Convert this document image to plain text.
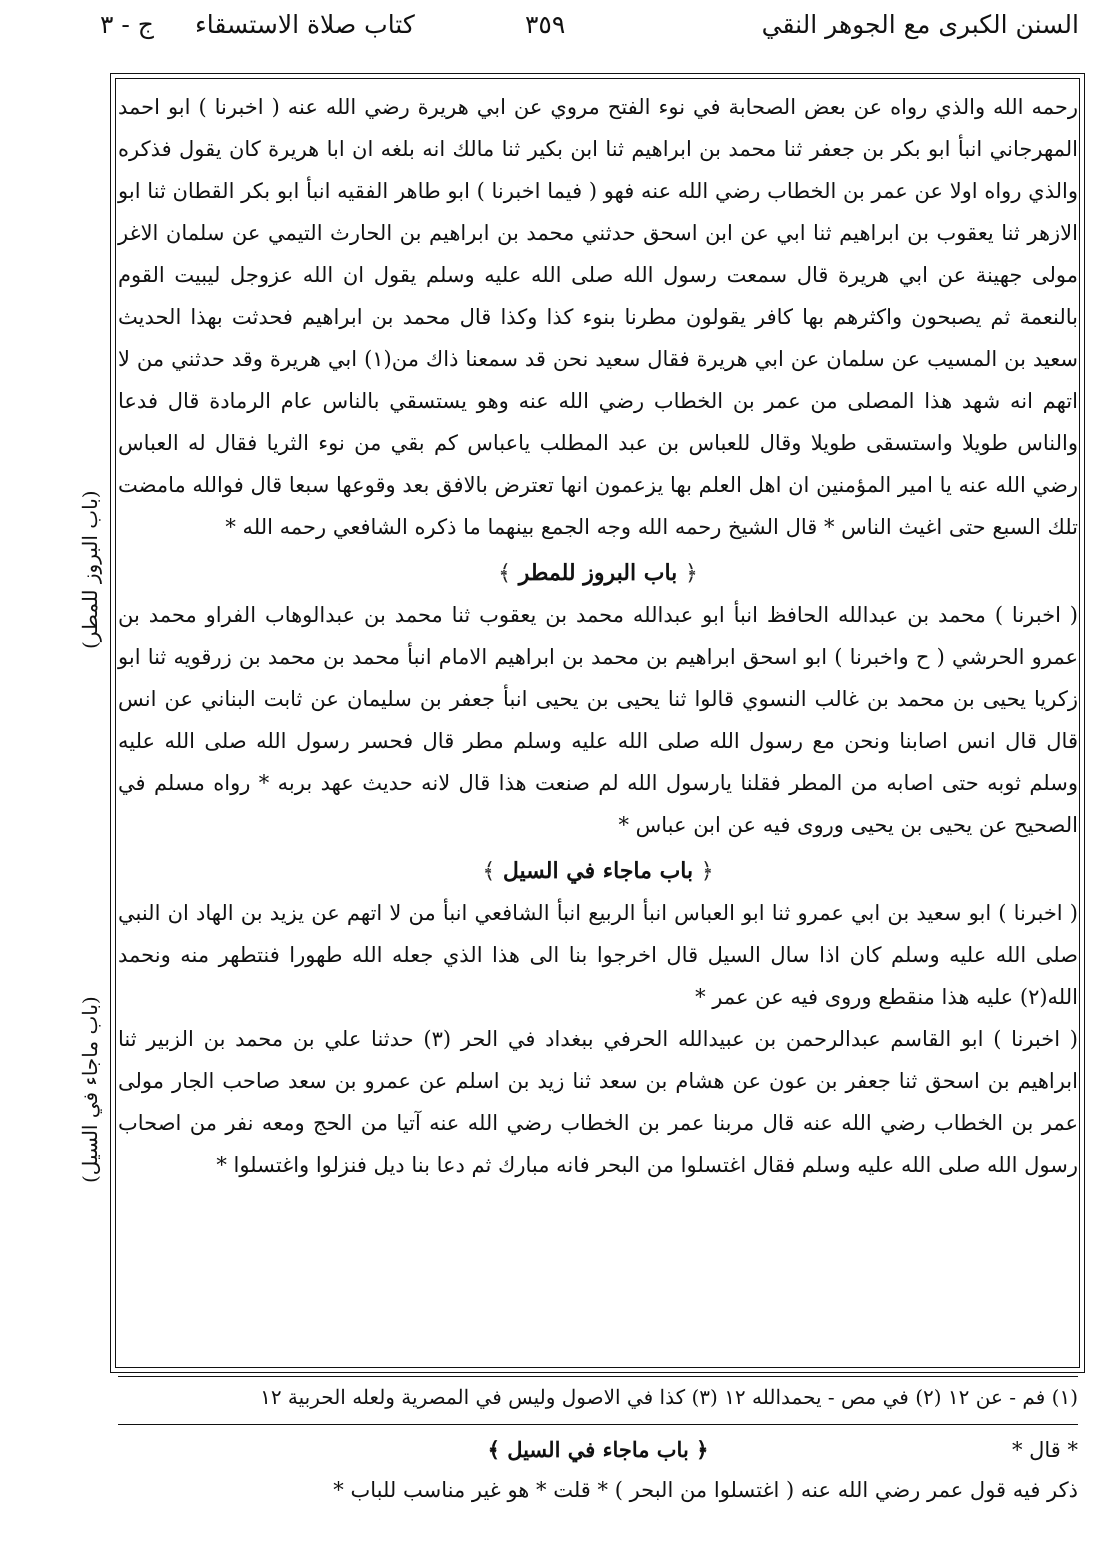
السنن الكبرى مع الجوهر النقي
٣٥٩
كتاب صلاة الاستسقاء
ج - ٣
(باب البروز للمطر)
(باب ماجاء في السيل)

رحمه الله والذي رواه عن بعض الصحابة في نوء الفتح مروي عن ابي هريرة رضي الله عنه ( اخبرنا ) ابو احمد المهرجاني انبأ ابو بكر بن جعفر ثنا محمد بن ابراهيم ثنا ابن بكير ثنا مالك انه بلغه ان ابا هريرة كان يقول فذكره والذي رواه اولا عن عمر بن الخطاب رضي الله عنه فهو ( فيما اخبرنا ) ابو طاهر الفقيه انبأ ابو بكر القطان ثنا ابو الازهر ثنا يعقوب بن ابراهيم ثنا ابي عن ابن اسحق حدثني محمد بن ابراهيم بن الحارث التيمي عن سلمان الاغر مولى جهينة عن ابي هريرة قال سمعت رسول الله صلى الله عليه وسلم يقول ان الله عزوجل ليبيت القوم بالنعمة ثم يصبحون واكثرهم بها كافر يقولون مطرنا بنوء كذا وكذا قال محمد بن ابراهيم فحدثت بهذا الحديث سعيد بن المسيب عن سلمان عن ابي هريرة فقال سعيد نحن قد سمعنا ذاك من(١) ابي هريرة وقد حدثني من لا اتهم انه شهد هذا المصلى من عمر بن الخطاب رضي الله عنه وهو يستسقي بالناس عام الرمادة قال فدعا والناس طويلا واستسقى طويلا وقال للعباس بن عبد المطلب ياعباس كم بقي من نوء الثريا فقال له العباس رضي الله عنه يا امير المؤمنين ان اهل العلم بها يزعمون انها تعترض بالافق بعد وقوعها سبعا قال فوالله مامضت تلك السبع حتى اغيث الناس * قال الشيخ رحمه الله وجه الجمع بينهما ما ذكره الشافعي رحمه الله *

﴿ باب البروز للمطر ﴾

( اخبرنا ) محمد بن عبدالله الحافظ انبأ ابو عبدالله محمد بن يعقوب ثنا محمد بن عبدالوهاب الفراو محمد بن عمرو الحرشي ( ح واخبرنا ) ابو اسحق ابراهيم بن محمد بن ابراهيم الامام انبأ محمد بن محمد بن زرقويه ثنا ابو زكريا يحيى بن محمد بن غالب النسوي قالوا ثنا يحيى بن يحيى انبأ جعفر بن سليمان عن ثابت البناني عن انس قال قال انس اصابنا ونحن مع رسول الله صلى الله عليه وسلم مطر قال فحسر رسول الله صلى الله عليه وسلم ثوبه حتى اصابه من المطر فقلنا يارسول الله لم صنعت هذا قال لانه حديث عهد بربه * رواه مسلم في الصحيح عن يحيى بن يحيى وروى فيه عن ابن عباس *

﴿ باب ماجاء في السيل ﴾

( اخبرنا ) ابو سعيد بن ابي عمرو ثنا ابو العباس انبأ الربيع انبأ الشافعي انبأ من لا اتهم عن يزيد بن الهاد ان النبي صلى الله عليه وسلم كان اذا سال السيل قال اخرجوا بنا الى هذا الذي جعله الله طهورا فنتطهر منه ونحمد الله(٢) عليه هذا منقطع وروى فيه عن عمر *

( اخبرنا ) ابو القاسم عبدالرحمن بن عبيدالله الحرفي ببغداد في الحر (٣) حدثنا علي بن محمد بن الزبير ثنا ابراهيم بن اسحق ثنا جعفر بن عون عن هشام بن سعد ثنا زيد بن اسلم عن عمرو بن سعد صاحب الجار مولى عمر بن الخطاب رضي الله عنه قال مربنا عمر بن الخطاب رضي الله عنه آتيا من الحج ومعه نفر من اصحاب رسول الله صلى الله عليه وسلم فقال اغتسلوا من البحر فانه مبارك ثم دعا بنا ديل فنزلوا واغتسلوا *

(١) فم - عن ١٢ (٢) في مص - يحمدالله ١٢ (٣) كذا في الاصول وليس في المصرية ولعله الحربية ١٢
* قال *
﴿ باب ماجاء في السيل ﴾
ذكر فيه قول عمر رضي الله عنه ( اغتسلوا من البحر ) * قلت * هو غير مناسب للباب *
